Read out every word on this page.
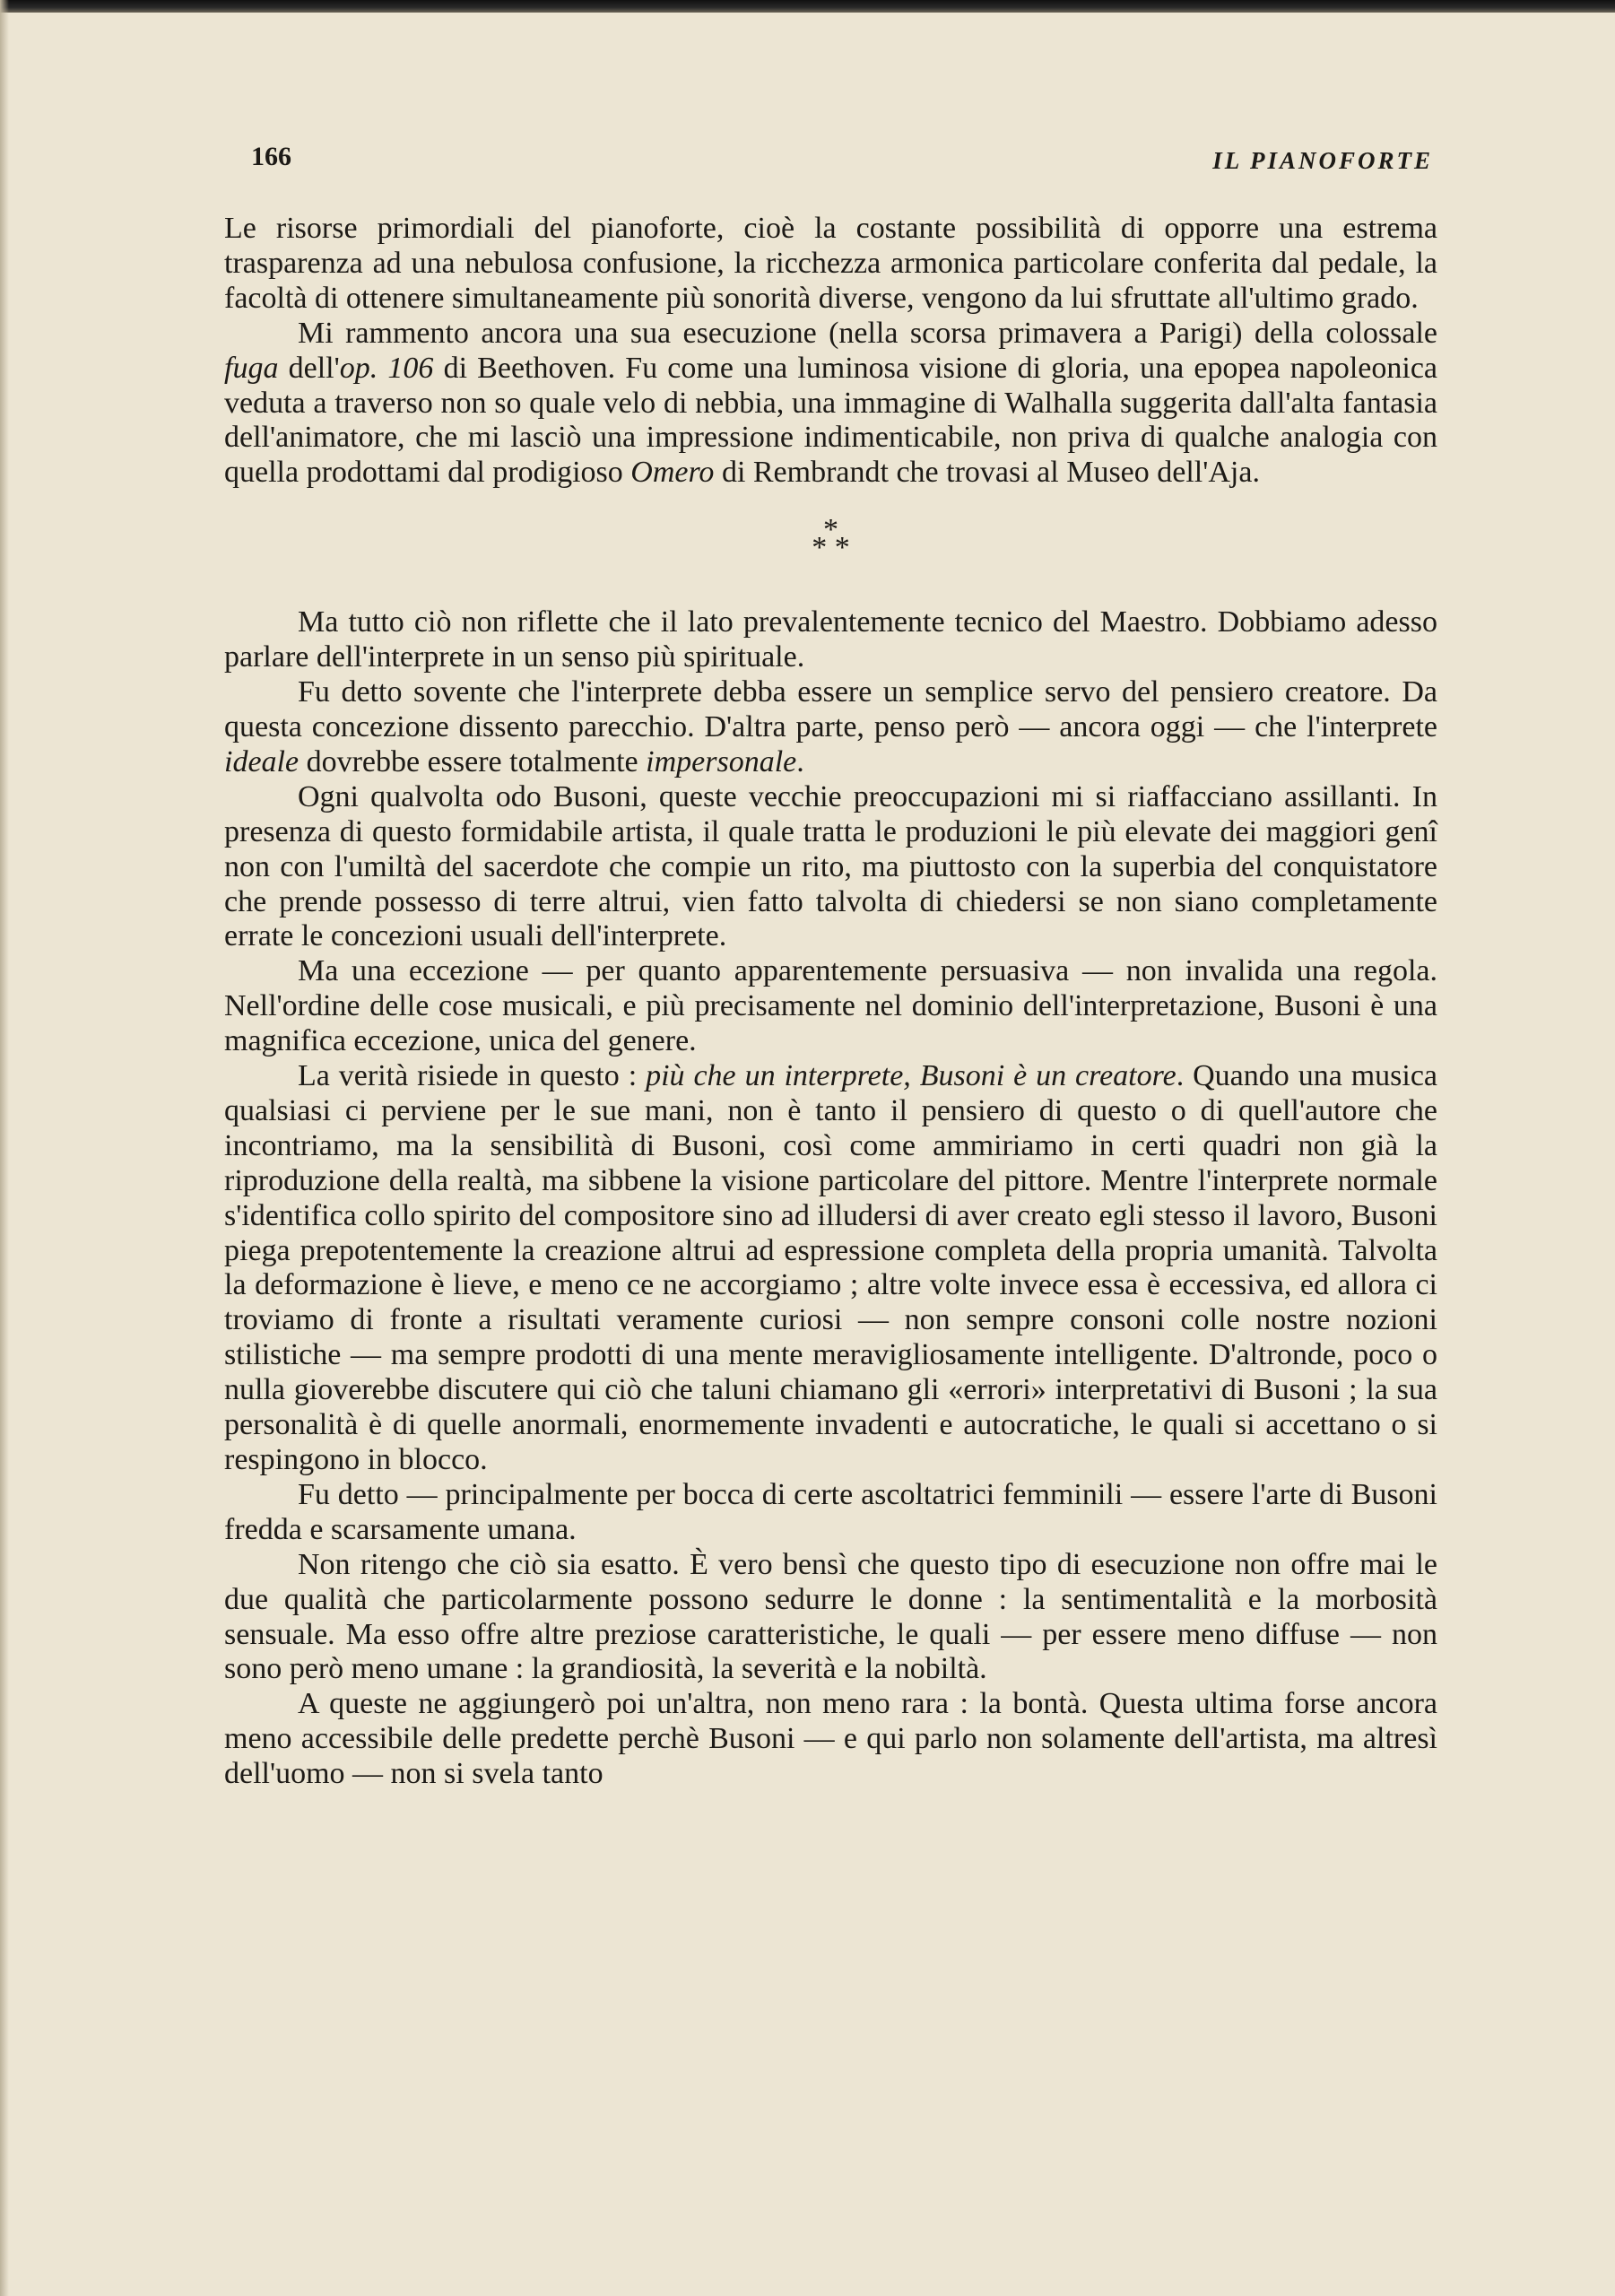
166	IL PIANOFORTE

Le risorse primordiali del pianoforte, cioè la costante possibilità di opporre una estrema trasparenza ad una nebulosa confusione, la ricchezza armonica particolare conferita dal pedale, la facoltà di ottenere simultaneamente più sonorità diverse, vengono da lui sfruttate all'ultimo grado.

Mi rammento ancora una sua esecuzione (nella scorsa primavera a Parigi) della colossale fuga dell'op. 106 di Beethoven. Fu come una luminosa visione di gloria, una epopea napoleonica veduta a traverso non so quale velo di nebbia, una immagine di Walhalla suggerita dall'alta fantasia dell'animatore, che mi lasciò una impressione indimenticabile, non priva di qualche analogia con quella prodottami dal prodigioso Omero di Rembrandt che trovasi al Museo dell'Aja.

*
* *

Ma tutto ciò non riflette che il lato prevalentemente tecnico del Maestro. Dobbiamo adesso parlare dell'interprete in un senso più spirituale.

Fu detto sovente che l'interprete debba essere un semplice servo del pensiero creatore. Da questa concezione dissento parecchio. D'altra parte, penso però — ancora oggi — che l'interprete ideale dovrebbe essere totalmente impersonale.

Ogni qualvolta odo Busoni, queste vecchie preoccupazioni mi si riaffacciano assillanti. In presenza di questo formidabile artista, il quale tratta le produzioni le più elevate dei maggiori genî non con l'umiltà del sacerdote che compie un rito, ma piuttosto con la superbia del conquistatore che prende possesso di terre altrui, vien fatto talvolta di chiedersi se non siano completamente errate le concezioni usuali dell'interprete.

Ma una eccezione — per quanto apparentemente persuasiva — non invalida una regola. Nell'ordine delle cose musicali, e più precisamente nel dominio dell'interpretazione, Busoni è una magnifica eccezione, unica del genere.

La verità risiede in questo : più che un interprete, Busoni è un creatore. Quando una musica qualsiasi ci perviene per le sue mani, non è tanto il pensiero di questo o di quell'autore che incontriamo, ma la sensibilità di Busoni, così come ammiriamo in certi quadri non già la riproduzione della realtà, ma sibbene la visione particolare del pittore. Mentre l'interprete normale s'identifica collo spirito del compositore sino ad illudersi di aver creato egli stesso il lavoro, Busoni piega prepotentemente la creazione altrui ad espressione completa della propria umanità. Talvolta la deformazione è lieve, e meno ce ne accorgiamo ; altre volte invece essa è eccessiva, ed allora ci troviamo di fronte a risultati veramente curiosi — non sempre consoni colle nostre nozioni stilistiche — ma sempre prodotti di una mente meravigliosamente intelligente. D'altronde, poco o nulla gioverebbe discutere qui ciò che taluni chiamano gli «errori» interpretativi di Busoni ; la sua personalità è di quelle anormali, enormemente invadenti e autocratiche, le quali si accettano o si respingono in blocco.

Fu detto — principalmente per bocca di certe ascoltatrici femminili — essere l'arte di Busoni fredda e scarsamente umana.

Non ritengo che ciò sia esatto. È vero bensì che questo tipo di esecuzione non offre mai le due qualità che particolarmente possono sedurre le donne : la sentimentalità e la morbosità sensuale. Ma esso offre altre preziose caratteristiche, le quali — per essere meno diffuse — non sono però meno umane : la grandiosità, la severità e la nobiltà.

A queste ne aggiungerò poi un'altra, non meno rara : la bontà. Questa ultima forse ancora meno accessibile delle predette perchè Busoni — e qui parlo non solamente dell'artista, ma altresì dell'uomo — non si svela tanto
